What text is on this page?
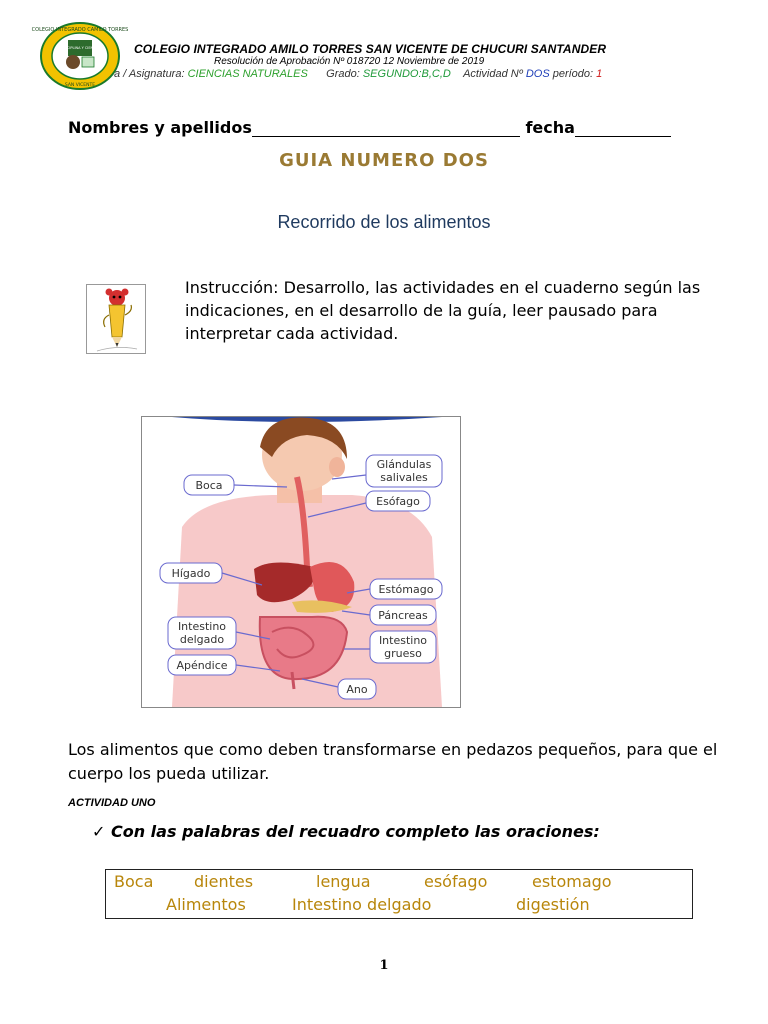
COLEGIO INTEGRADO CAMILO TORRES
DISCIPLINA Y CIENCIA
SAN VICENTE
COLEGIO INTEGRADO AMILO TORRES SAN VICENTE DE CHUCURI SANTANDER
Resolución de Aprobación Nº 018720 12 Noviembre de 2019
a / Asignatura: CIENCIAS NATURALES Grado: SEGUNDO:B,C,D Actividad Nº DOS período: 1
Nombres y apellidos	fecha
GUIA NUMERO DOS
Recorrido de los alimentos
Instrucción: Desarrollo, las actividades en el cuaderno según las indicaciones, en el desarrollo de la guía, leer pausado para interpretar cada actividad.
Boca
Glándulas
salivales
Esófago
Hígado
Estómago
Páncreas
Intestino
delgado	Intestino
grueso
Apéndice
Ano
Los alimentos que como deben transformarse en pedazos pequeños, para que el cuerpo los pueda utilizar.
ACTIVIDAD UNO
✓ Con las palabras del recuadro completo las oraciones:
Boca	dientes	lengua	esófago	estomago
Alimentos	Intestino delgado	digestión
1
